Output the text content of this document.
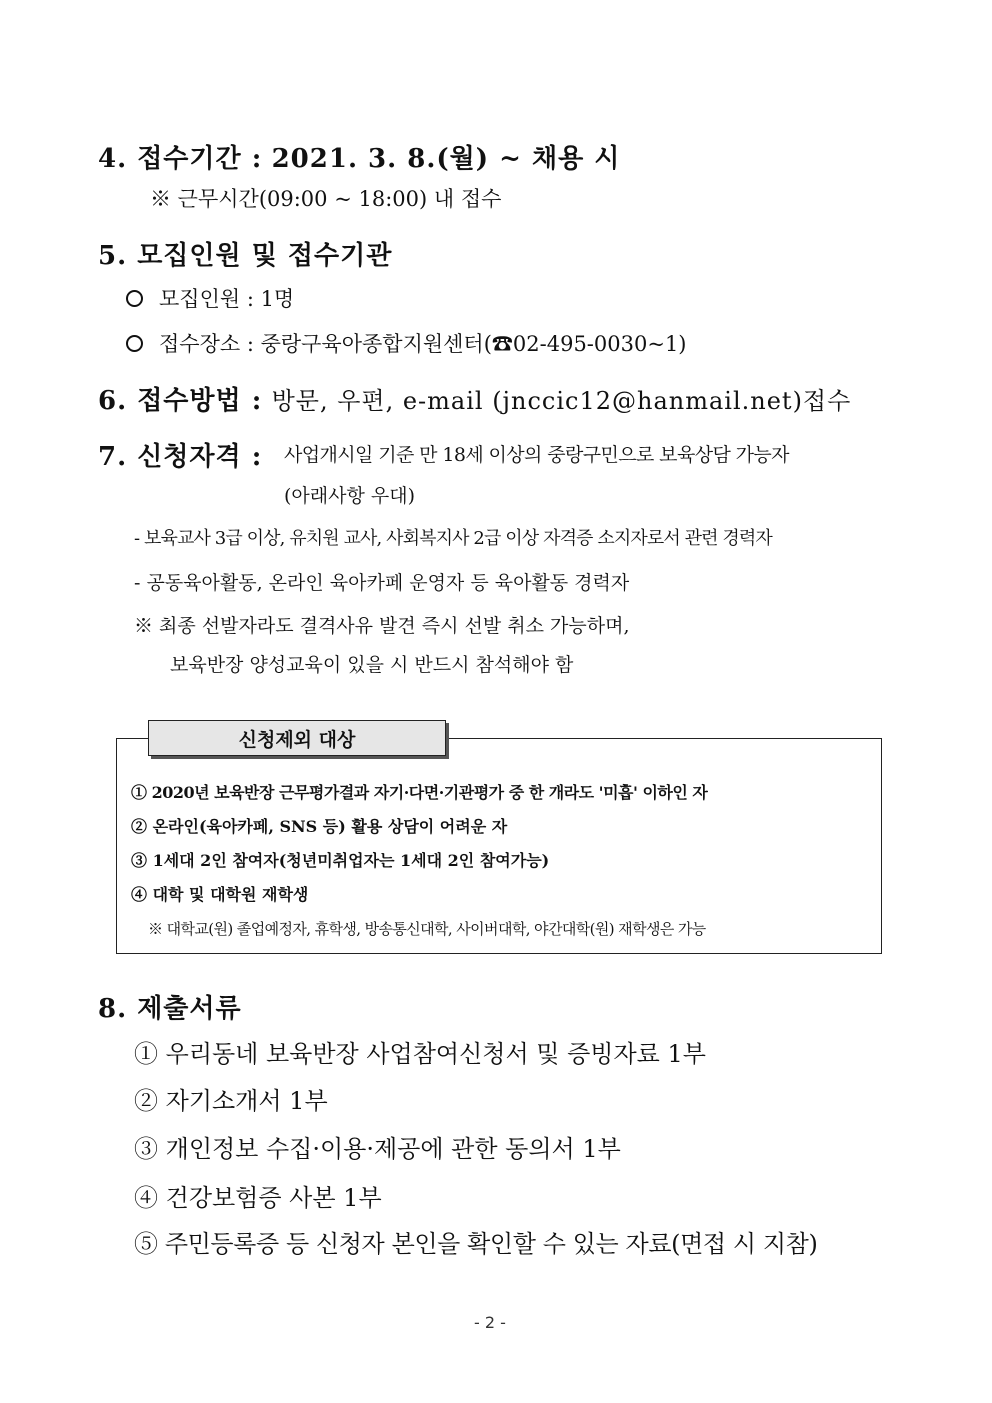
4. 접수기간 : 2021. 3. 8.(월) ~ 채용 시
※ 근무시간(09:00 ~ 18:00) 내 접수
5. 모집인원 및 접수기관
모집인원 : 1명
접수장소 : 중랑구육아종합지원센터(☎02-495-0030~1)
6. 접수방법 : 방문, 우편, e-mail (jnccic12@hanmail.net)접수
7. 신청자격 : 사업개시일 기준 만 18세 이상의 중랑구민으로 보육상담 가능자
(아래사항 우대)
- 보육교사 3급 이상, 유치원 교사, 사회복지사 2급 이상 자격증 소지자로서 관련 경력자
- 공동육아활동, 온라인 육아카페 운영자 등 육아활동 경력자
※ 최종 선발자라도 결격사유 발견 즉시 선발 취소 가능하며,
보육반장 양성교육이 있을 시 반드시 참석해야 함
신청제외 대상
① 2020년 보육반장 근무평가결과 자기·다면·기관평가 중 한 개라도 '미흡' 이하인 자
② 온라인(육아카페, SNS 등) 활용 상담이 어려운 자
③ 1세대 2인 참여자(청년미취업자는 1세대 2인 참여가능)
④ 대학 및 대학원 재학생
※ 대학교(원) 졸업예정자, 휴학생, 방송통신대학, 사이버대학, 야간대학(원) 재학생은 가능
8. 제출서류
① 우리동네 보육반장 사업참여신청서 및 증빙자료 1부
② 자기소개서 1부
③ 개인정보 수집·이용·제공에 관한 동의서 1부
④ 건강보험증 사본 1부
⑤ 주민등록증 등 신청자 본인을 확인할 수 있는 자료(면접 시 지참)
- 2 -
